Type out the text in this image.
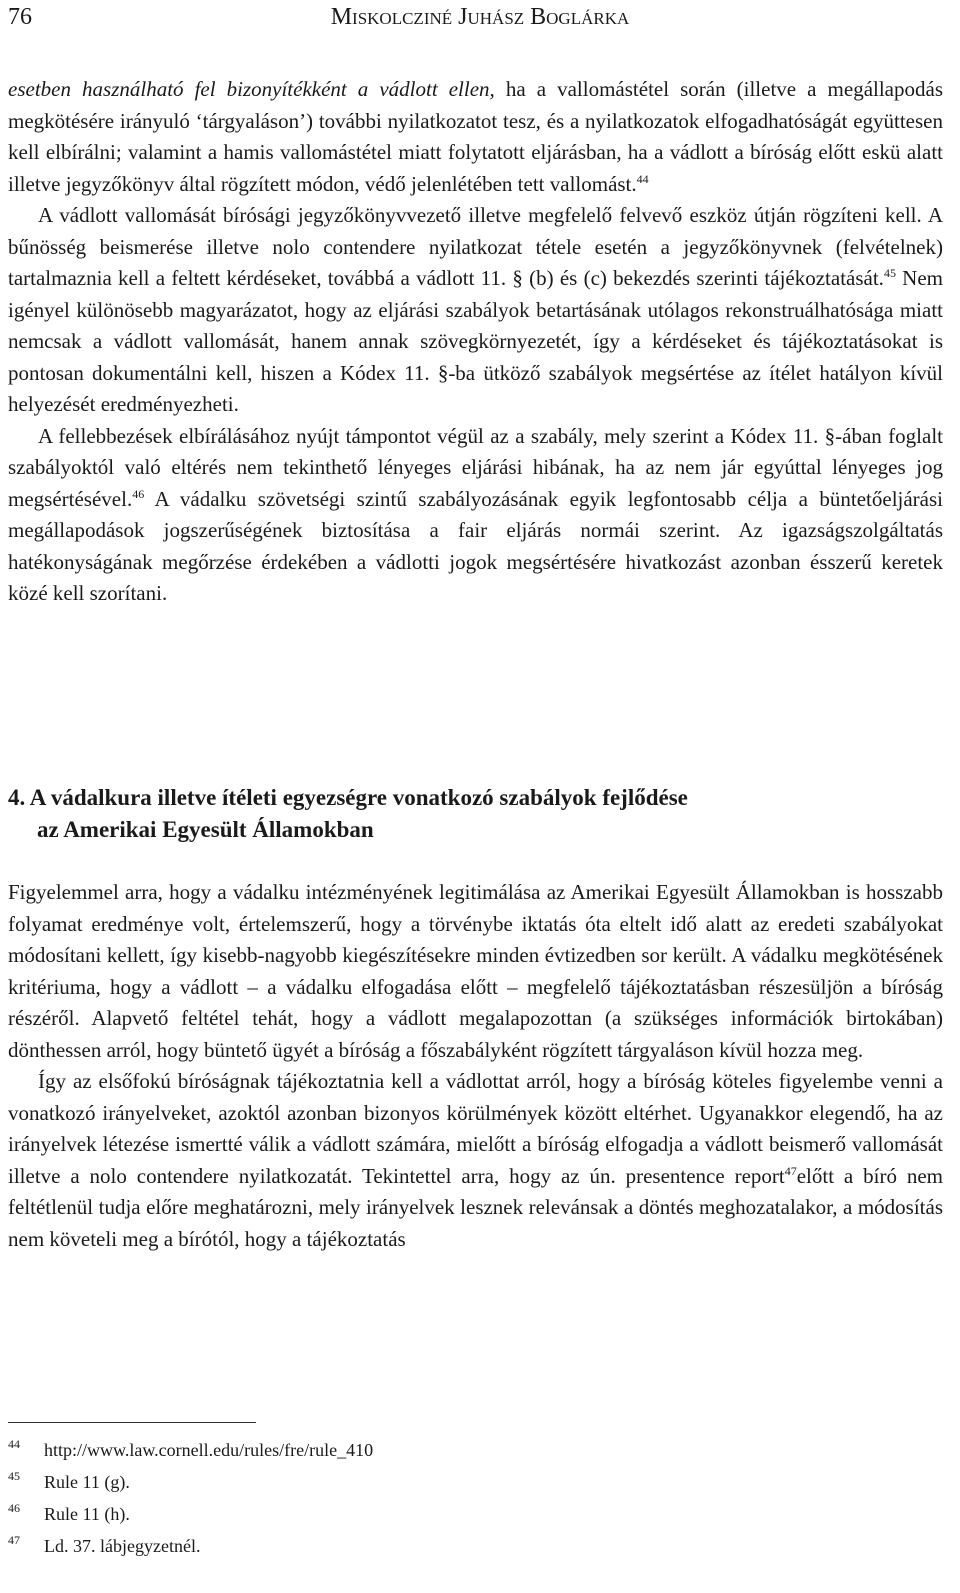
76	Miskolcziné Juhász Boglárka

esetben használható fel bizonyítékként a vádlott ellen, ha a vallomástétel során (illetve a megállapodás megkötésére irányuló ‘tárgyaláson’) további nyilatkozatot tesz, és a nyilatkozatok elfogadhatóságát együttesen kell elbírálni; valamint a hamis vallomástétel miatt folytatott eljárásban, ha a vádlott a bíróság előtt eskü alatt illetve jegyzőkönyv által rögzített módon, védő jelenlétében tett vallomást.$^{44}$

A vádlott vallomását bírósági jegyzőkönyvvezető illetve megfelelő felvevő eszköz útján rögzíteni kell. A bűnösség beismerése illetve nolo contendere nyilatkozat tétele esetén a jegyzőkönyvnek (felvételnek) tartalmaznia kell a feltett kérdéseket, továbbá a vádlott 11. § (b) és (c) bekezdés szerinti tájékoztatását.$^{45}$ Nem igényel különösebb magyarázatot, hogy az eljárási szabályok betartásának utólagos rekonstruálhatósága miatt nemcsak a vádlott vallomását, hanem annak szövegkörnyezetét, így a kérdéseket és tájékoztatásokat is pontosan dokumentálni kell, hiszen a Kódex 11. §-ba ütköző szabályok megsértése az ítélet hatályon kívül helyezését eredményezheti.

A fellebbezések elbírálásához nyújt támpontot végül az a szabály, mely szerint a Kódex 11. §-ában foglalt szabályoktól való eltérés nem tekinthető lényeges eljárási hibának, ha az nem jár egyúttal lényeges jog megsértésével.$^{46}$ A vádalku szövetségi szintű szabályozásának egyik legfontosabb célja a büntetőeljárási megállapodások jogszerűségének biztosítása a fair eljárás normái szerint. Az igazságszolgáltatás hatékonyságának megőrzése érdekében a vádlotti jogok megsértésére hivatkozást azonban ésszerű keretek közé kell szorítani.

4. A vádalkura illetve ítéleti egyezségre vonatkozó szabályok fejlődése
az Amerikai Egyesült Államokban

Figyelemmel arra, hogy a vádalku intézményének legitimálása az Amerikai Egyesült Államokban is hosszabb folyamat eredménye volt, értelemszerű, hogy a törvénybe iktatás óta eltelt idő alatt az eredeti szabályokat módosítani kellett, így kisebb-nagyobb kiegészítésekre minden évtizedben sor került. A vádalku megkötésének kritériuma, hogy a vádlott – a vádalku elfogadása előtt – megfelelő tájékoztatásban részesüljön a bíróság részéről. Alapvető feltétel tehát, hogy a vádlott megalapozottan (a szükséges információk birtokában) dönthessen arról, hogy büntető ügyét a bíróság a főszabályként rögzített tárgyaláson kívül hozza meg.

Így az elsőfokú bíróságnak tájékoztatnia kell a vádlottat arról, hogy a bíróság köteles figyelembe venni a vonatkozó irányelveket, azoktól azonban bizonyos körülmények között eltérhet. Ugyanakkor elegendő, ha az irányelvek létezése ismertté válik a vádlott számára, mielőtt a bíróság elfogadja a vádlott beismerő vallomását illetve a nolo contendere nyilatkozatát. Tekintettel arra, hogy az ún. presentence report$^{47}$előtt a bíró nem feltétlenül tudja előre meghatározni, mely irányelvek lesznek relevánsak a döntés meghozatalakor, a módosítás nem követeli meg a bírótól, hogy a tájékoztatás

44 http://www.law.cornell.edu/rules/fre/rule_410
45 Rule 11 (g).
46 Rule 11 (h).
47 Ld. 37. lábjegyzetnél.
